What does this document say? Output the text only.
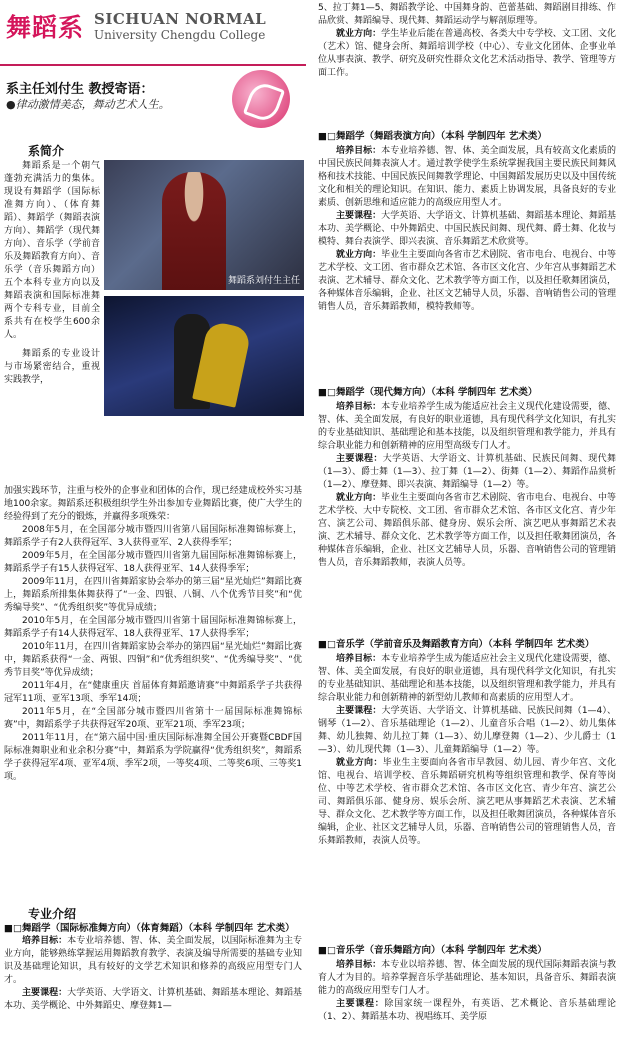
舞蹈系 SICHUAN NORMAL
University Chengdu College
系主任刘付生 教授寄语：
●律动激情美态，舞动艺术人生。
系简介

舞蹈系是一个朝气蓬勃充满活力的集体。现设有舞蹈学（国际标准舞方向）、（体育舞蹈）、舞蹈学（舞蹈表演方向）、舞蹈学（现代舞方向）、音乐学（学前音乐及舞蹈教育方向）、音乐学（音乐舞蹈方向）五个本科专业方向以及舞蹈表演和国际标准舞两个专科专业，目前全系共有在校学生600余人。

舞蹈系的专业设计与市场紧密结合，重视实践教学，

舞蹈系刘付生主任

加强实践环节，注重与校外的企事业和团体的合作，现已经建成校外实习基地100余家。舞蹈系还积极组织学生外出参加专业舞蹈比赛，使广大学生的经验得到了充分的锻炼，并赢得多项殊荣：

2008年5月，在全国部分城市暨四川省第八届国际标准舞锦标赛上，舞蹈系学子有2人获得冠军、3人获得亚军、2人获得季军；

2009年5月，在全国部分城市暨四川省第九届国际标准舞锦标赛上，舞蹈系学子有15人获得冠军、18人获得亚军、14人获得季军；

2009年11月，在四川省舞蹈家协会举办的第三届“星光灿烂”舞蹈比赛上，舞蹈系所排集体舞获得了“一金、四银、八铜、八个优秀节目奖”和“优秀编导奖”、“优秀组织奖”等优异成绩；

2010年5月，在全国部分城市暨四川省第十届国际标准舞锦标赛上，舞蹈系学子有14人获得冠军、18人获得亚军、17人获得季军；

2010年11月，在四川省舞蹈家协会举办的第四届“星光灿烂”舞蹈比赛中，舞蹈系获得“一金、两银、四铜”和“优秀组织奖”、“优秀编导奖”、“优秀节目奖”等优异成绩；

2011年4月，在“健康重庆 首届体育舞蹈邀请赛”中舞蹈系学子共获得冠军11项、亚军13项、季军14项；

2011年5月，在“全国部分城市暨四川省第十一届国际标准舞锦标赛”中，舞蹈系学子共获得冠军20项、亚军21项、季军23项；

2011年11月，在“第六届中国·重庆国际标准舞全国公开赛暨CBDF国际标准舞职业和业余积分赛”中，舞蹈系为学院赢得“优秀组织奖”，舞蹈系学子获得冠军4项、亚军4项、季军2项，一等奖4项、二等奖6项、三等奖1项。

专业介绍
■□舞蹈学（国际标准舞方向）（体育舞蹈）（本科 学制四年 艺术类）

培养目标：本专业培养德、智、体、美全面发展，以国际标准舞为主专业方向，能够熟练掌握运用舞蹈教育教学、表演及编导所需要的基础专业知识及基础理论知识，具有较好的文学艺术知识和修养的高级应用型专门人才。

主要课程：大学英语、大学语文、计算机基础、舞蹈基本理论、舞蹈基本功、美学概论、中外舞蹈史、摩登舞1—

5、拉丁舞1—5、舞蹈教学论、中国舞身韵、芭蕾基础、舞蹈剧目排练、作品欣赏、舞蹈编导、现代舞、舞蹈运动学与解剖原理等。

就业方向：学生毕业后能在普通高校、各类大中专学校、文工团、文化（艺术）馆、健身会所、舞蹈培训学校（中心）、专业文化团体、企事业单位从事表演、教学、研究及研究性群众文化艺术活动指导、教学、管理等方面工作。

■□舞蹈学（舞蹈表演方向）（本科 学制四年 艺术类）

培养目标：本专业培养德、智、体、美全面发展，具有较高文化素质的中国民族民间舞表演人才。通过教学使学生系统掌握我国主要民族民间舞风格和技术技能、中国民族民间舞教学理论、中国舞蹈发展历史以及中国传统文化和相关的理论知识。在知识、能力、素质上协调发展，具备良好的专业素质、创新思维和适应能力的高级应用型人才。

主要课程：大学英语、大学语文、计算机基础、舞蹈基本理论、舞蹈基本功、美学概论、中外舞蹈史、中国民族民间舞、现代舞、爵士舞、化妆与模特、舞台表演学、即兴表演、音乐舞蹈艺术欣赏等。

就业方向：毕业生主要面向各省市艺术剧院、省市电台、电视台、中等艺术学校、文工团、省市群众艺术馆、各市区文化宫、少年宫从事舞蹈艺术表演、艺术辅导、群众文化、艺术教学等方面工作，以及担任歌舞团演员，各种媒体音乐编辑，企业、社区文艺辅导人员，乐器、音响销售公司的管理销售人员，音乐舞蹈教师，模特教师等。

■□舞蹈学（现代舞方向）（本科 学制四年 艺术类）

培养目标：本专业培养学生成为能适应社会主义现代化建设需要，德、智、体、美全面发展，有良好的职业道德，具有现代科学文化知识，有扎实的专业基础知识、基础理论和基本技能，以及组织管理和教学能力，并具有综合职业能力和创新精神的应用型高级专门人才。

主要课程：大学英语、大学语文、计算机基础、民族民间舞、现代舞（1—3）、爵士舞（1—3）、拉丁舞（1—2）、街舞（1—2）、舞蹈作品赏析（1—2）、摩登舞、即兴表演、舞蹈编导（1—2）等。

就业方向：毕业生主要面向各省市艺术剧院、省市电台、电视台、中等艺术学校、大中专院校、文工团、省市群众艺术馆、各市区文化宫、青少年宫、演艺公司、舞蹈俱乐部、健身房、娱乐会所、演艺吧从事舞蹈艺术表演、艺术辅导、群众文化、艺术教学等方面工作，以及担任歌舞团演员，各种媒体音乐编辑，企业、社区文艺辅导人员，乐器、音响销售公司的管理销售人员，音乐舞蹈教师，表演人员等。

■□音乐学（学前音乐及舞蹈教育方向）（本科 学制四年 艺术类）

培养目标：本专业培养学生成为能适应社会主义现代化建设需要，德、智、体、美全面发展，有良好的职业道德，具有现代科学文化知识，有扎实的专业基础知识、基础理论和基本技能，以及组织管理和教学能力，并具有综合职业能力和创新精神的新型幼儿教师和高素质的应用型人才。

主要课程：大学英语、大学语文、计算机基础、民族民间舞（1—4）、钢琴（1—2）、音乐基础理论（1—2）、儿童音乐合唱（1—2）、幼儿集体舞、幼儿独舞、幼儿拉丁舞（1—3）、幼儿摩登舞（1—2）、少儿爵士（1—3）、幼儿现代舞（1—3）、儿童舞蹈编导（1—2）等。

就业方向：毕业生主要面向各省市早教园、幼儿园、青少年宫、文化馆、电视台、培训学校、音乐舞蹈研究机构等组织管理和教学、保育等岗位、中等艺术学校、省市群众艺术馆、各市区文化宫、青少年宫、演艺公司、舞蹈俱乐部、健身房、娱乐会所、演艺吧从事舞蹈艺术表演、艺术辅导、群众文化、艺术教学等方面工作，以及担任歌舞团演员，各种媒体音乐编辑，企业、社区文艺辅导人员，乐器、音响销售公司的管理销售人员，音乐舞蹈教师，表演人员等。

■□音乐学（音乐舞蹈方向）（本科 学制四年 艺术类）

培养目标：本专业以培养德、智、体全面发展的现代国际舞蹈表演与教育人才为目的。培养掌握音乐学基础理论、基本知识，具备音乐、舞蹈表演能力的高级应用型专门人才。

主要课程：除国家统一课程外，有英语、艺术概论、音乐基础理论（1、2）、舞蹈基本功、视唱练耳、美学原
